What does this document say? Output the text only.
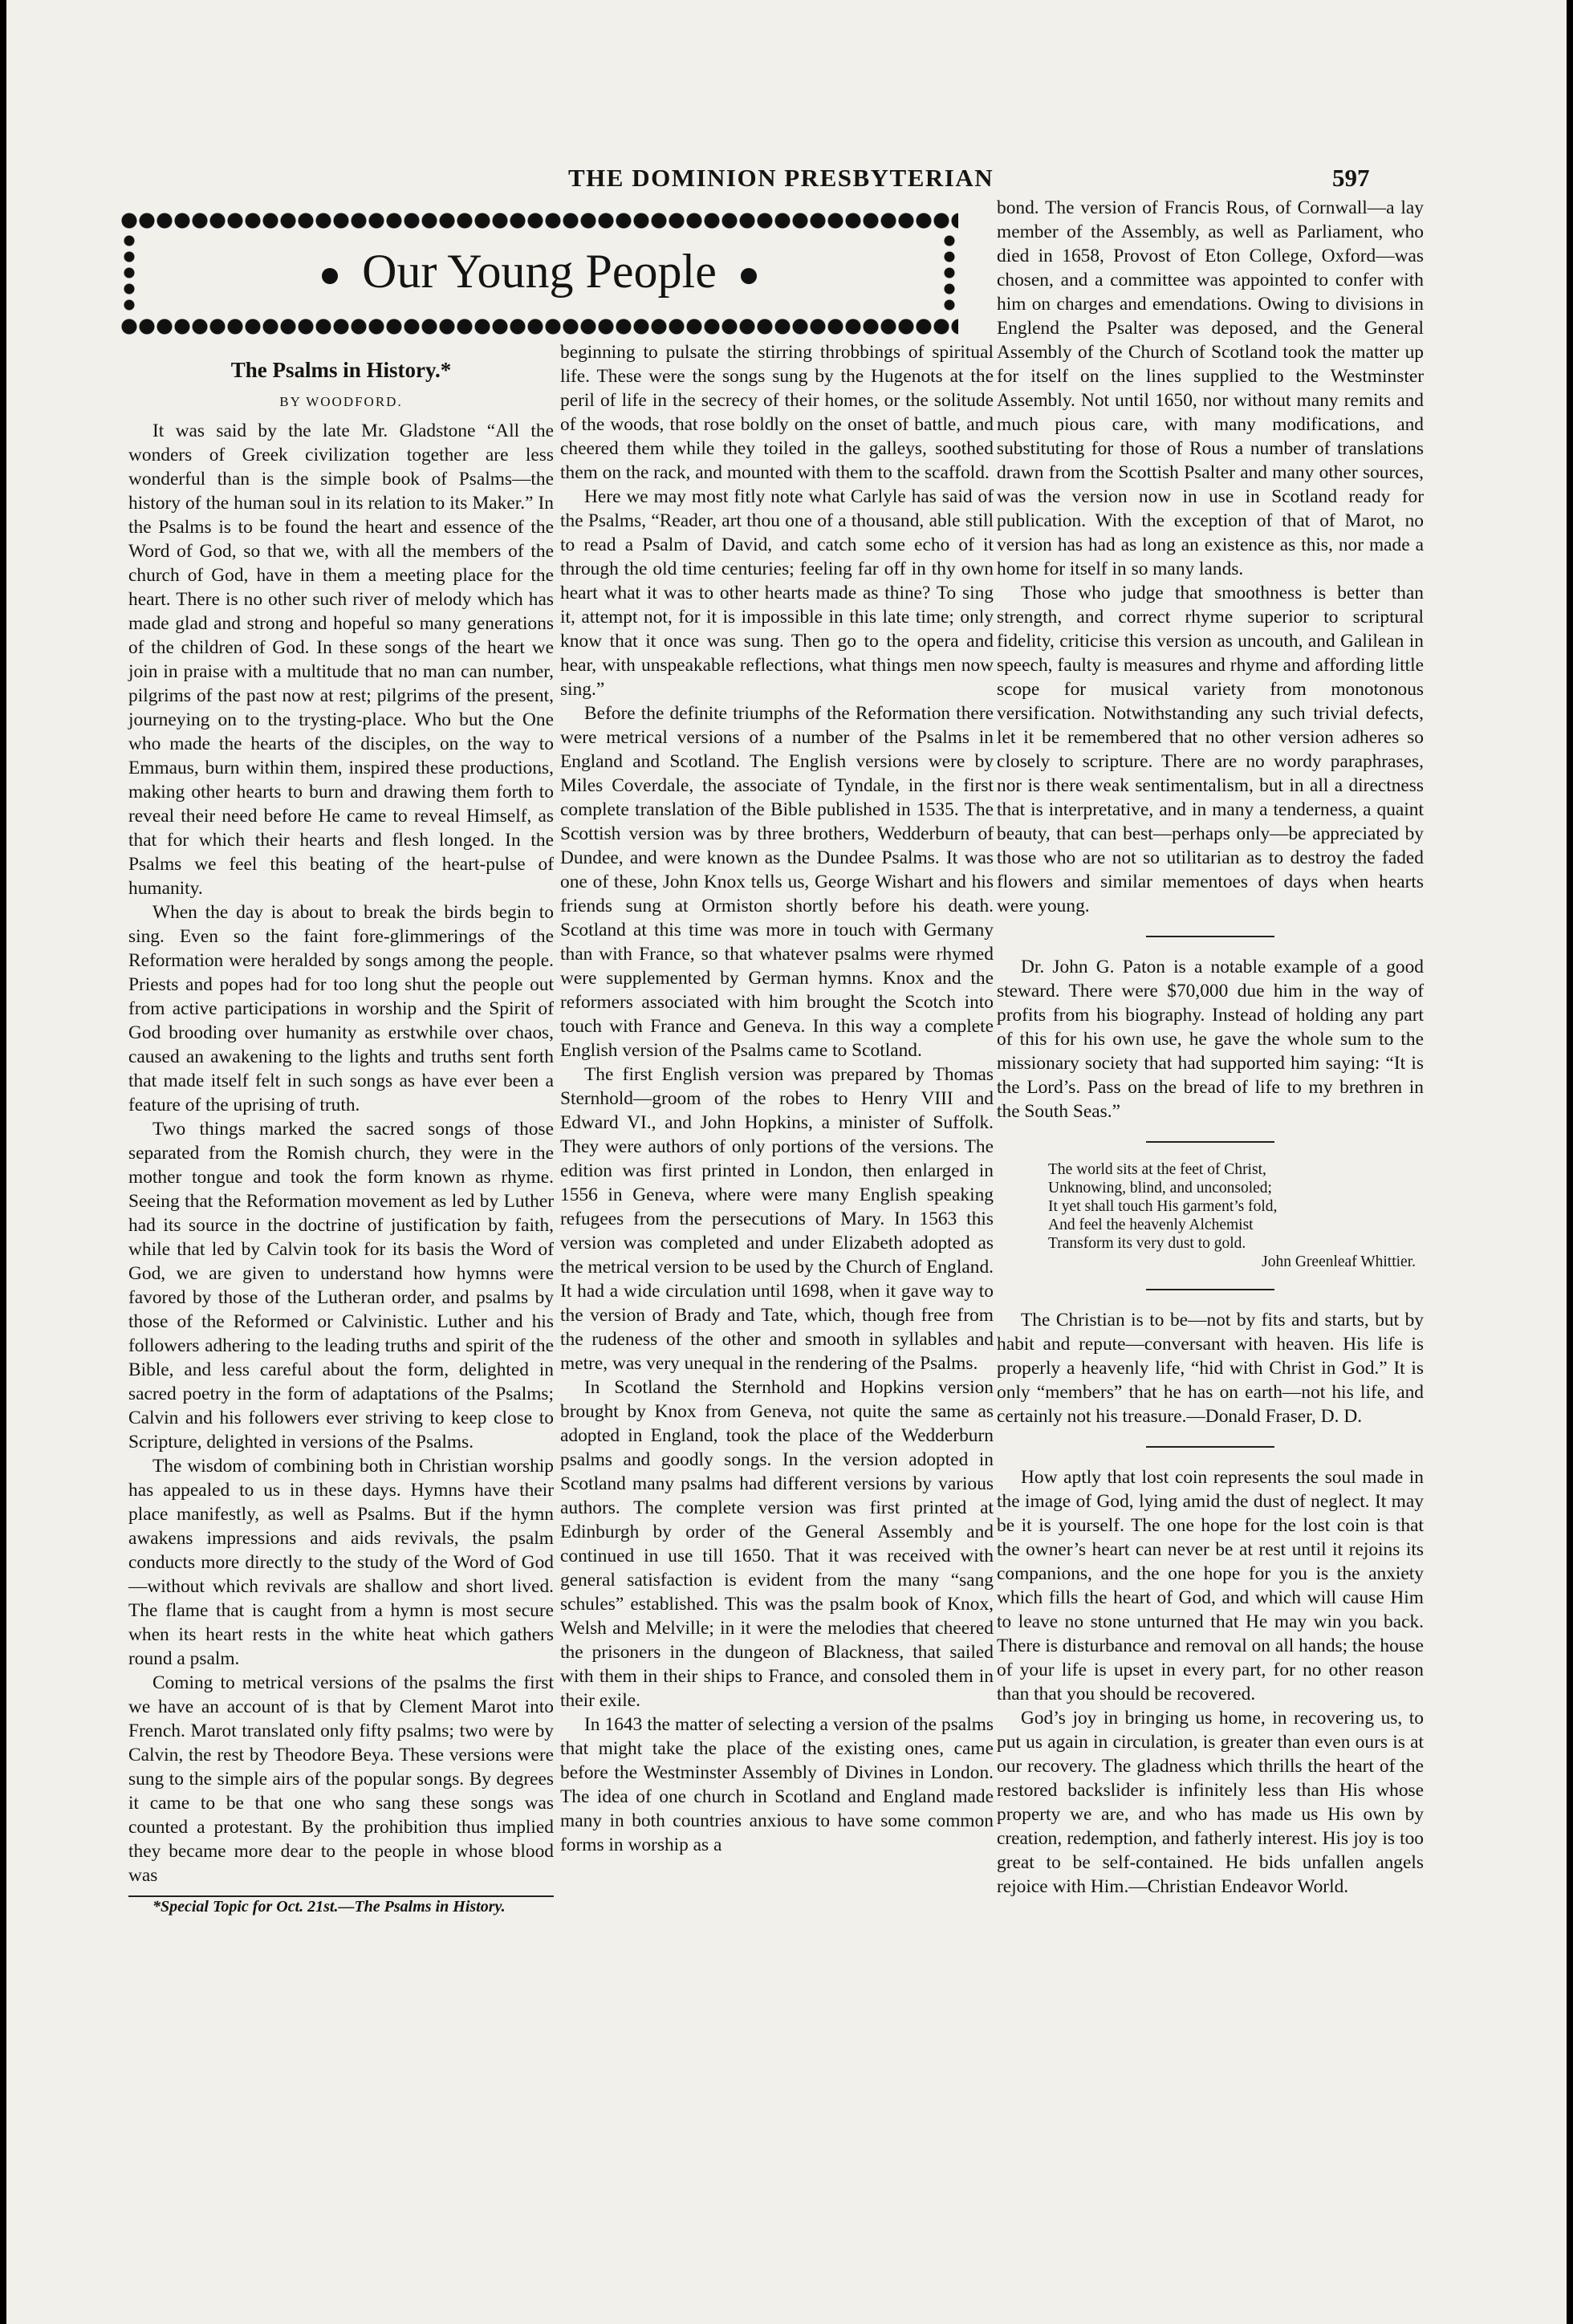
THE DOMINION PRESBYTERIAN	597
Our Young People
The Psalms in History.*
BY WOODFORD.

It was said by the late Mr. Gladstone “All the wonders of Greek civilization together are less wonderful than is the simple book of Psalms—the history of the human soul in its relation to its Maker.” In the Psalms is to be found the heart and essence of the Word of God, so that we, with all the members of the church of God, have in them a meeting place for the heart. There is no other such river of melody which has made glad and strong and hopeful so many generations of the children of God. In these songs of the heart we join in praise with a multitude that no man can number, pilgrims of the past now at rest; pilgrims of the present, journeying on to the trysting-place. Who but the One who made the hearts of the disciples, on the way to Emmaus, burn within them, inspired these productions, making other hearts to burn and drawing them forth to reveal their need before He came to reveal Himself, as that for which their hearts and flesh longed. In the Psalms we feel this beating of the heart-pulse of humanity.

When the day is about to break the birds begin to sing. Even so the faint fore-glimmerings of the Reformation were heralded by songs among the people. Priests and popes had for too long shut the people out from active participations in worship and the Spirit of God brooding over humanity as erstwhile over chaos, caused an awakening to the lights and truths sent forth that made itself felt in such songs as have ever been a feature of the uprising of truth.

Two things marked the sacred songs of those separated from the Romish church, they were in the mother tongue and took the form known as rhyme. Seeing that the Reformation movement as led by Luther had its source in the doctrine of justification by faith, while that led by Calvin took for its basis the Word of God, we are given to understand how hymns were favored by those of the Lutheran order, and psalms by those of the Reformed or Calvinistic. Luther and his followers adhering to the leading truths and spirit of the Bible, and less careful about the form, delighted in sacred poetry in the form of adaptations of the Psalms; Calvin and his followers ever striving to keep close to Scripture, delighted in versions of the Psalms.

The wisdom of combining both in Christian worship has appealed to us in these days. Hymns have their place manifestly, as well as Psalms. But if the hymn awakens impressions and aids revivals, the psalm conducts more directly to the study of the Word of God—without which revivals are shallow and short lived. The flame that is caught from a hymn is most secure when its heart rests in the white heat which gathers round a psalm.

Coming to metrical versions of the psalms the first we have an account of is that by Clement Marot into French. Marot translated only fifty psalms; two were by Calvin, the rest by Theodore Beya. These versions were sung to the simple airs of the popular songs. By degrees it came to be that one who sang these songs was counted a protestant. By the prohibition thus implied they became more dear to the people in whose blood was

*Special Topic for Oct. 21st.—The Psalms in History.

beginning to pulsate the stirring throbbings of spiritual life. These were the songs sung by the Hugenots at the peril of life in the secrecy of their homes, or the solitude of the woods, that rose boldly on the onset of battle, and cheered them while they toiled in the galleys, soothed them on the rack, and mounted with them to the scaffold.

Here we may most fitly note what Carlyle has said of the Psalms, “Reader, art thou one of a thousand, able still to read a Psalm of David, and catch some echo of it through the old time centuries; feeling far off in thy own heart what it was to other hearts made as thine? To sing it, attempt not, for it is impossible in this late time; only know that it once was sung. Then go to the opera and hear, with unspeakable reflections, what things men now sing.”

Before the definite triumphs of the Reformation there were metrical versions of a number of the Psalms in England and Scotland. The English versions were by Miles Coverdale, the associate of Tyndale, in the first complete translation of the Bible published in 1535. The Scottish version was by three brothers, Wedderburn of Dundee, and were known as the Dundee Psalms. It was one of these, John Knox tells us, George Wishart and his friends sung at Ormiston shortly before his death. Scotland at this time was more in touch with Germany than with France, so that whatever psalms were rhymed were supplemented by German hymns. Knox and the reformers associated with him brought the Scotch into touch with France and Geneva. In this way a complete English version of the Psalms came to Scotland.

The first English version was prepared by Thomas Sternhold—groom of the robes to Henry VIII and Edward VI., and John Hopkins, a minister of Suffolk. They were authors of only portions of the versions. The edition was first printed in London, then enlarged in 1556 in Geneva, where were many English speaking refugees from the persecutions of Mary. In 1563 this version was completed and under Elizabeth adopted as the metrical version to be used by the Church of England. It had a wide circulation until 1698, when it gave way to the version of Brady and Tate, which, though free from the rudeness of the other and smooth in syllables and metre, was very unequal in the rendering of the Psalms.

In Scotland the Sternhold and Hopkins version brought by Knox from Geneva, not quite the same as adopted in England, took the place of the Wedderburn psalms and goodly songs. In the version adopted in Scotland many psalms had different versions by various authors. The complete version was first printed at Edinburgh by order of the General Assembly and continued in use till 1650. That it was received with general satisfaction is evident from the many “sang schules” established. This was the psalm book of Knox, Welsh and Melville; in it were the melodies that cheered the prisoners in the dungeon of Blackness, that sailed with them in their ships to France, and consoled them in their exile.

In 1643 the matter of selecting a version of the psalms that might take the place of the existing ones, came before the Westminster Assembly of Divines in London. The idea of one church in Scotland and England made many in both countries anxious to have some common forms in worship as a

bond. The version of Francis Rous, of Cornwall—a lay member of the Assembly, as well as Parliament, who died in 1658, Provost of Eton College, Oxford—was chosen, and a committee was appointed to confer with him on charges and emendations. Owing to divisions in Englend the Psalter was deposed, and the General Assembly of the Church of Scotland took the matter up for itself on the lines supplied to the Westminster Assembly. Not until 1650, nor without many remits and much pious care, with many modifications, and substituting for those of Rous a number of translations drawn from the Scottish Psalter and many other sources, was the version now in use in Scotland ready for publication. With the exception of that of Marot, no version has had as long an existence as this, nor made a home for itself in so many lands.

Those who judge that smoothness is better than strength, and correct rhyme superior to scriptural fidelity, criticise this version as uncouth, and Galilean in speech, faulty is measures and rhyme and affording little scope for musical variety from monotonous versification. Notwithstanding any such trivial defects, let it be remembered that no other version adheres so closely to scripture. There are no wordy paraphrases, nor is there weak sentimentalism, but in all a directness that is interpretative, and in many a tenderness, a quaint beauty, that can best—perhaps only—be appreciated by those who are not so utilitarian as to destroy the faded flowers and similar mementoes of days when hearts were young.

Dr. John G. Paton is a notable example of a good steward. There were $70,000 due him in the way of profits from his biography. Instead of holding any part of this for his own use, he gave the whole sum to the missionary society that had supported him saying: “It is the Lord’s. Pass on the bread of life to my brethren in the South Seas.”

The world sits at the feet of Christ,
Unknowing, blind, and unconsoled;
It yet shall touch His garment’s fold,
And feel the heavenly Alchemist
Transform its very dust to gold.
John Greenleaf Whittier.

The Christian is to be—not by fits and starts, but by habit and repute—conversant with heaven. His life is properly a heavenly life, “hid with Christ in God.” It is only “members” that he has on earth—not his life, and certainly not his treasure.—Donald Fraser, D. D.

How aptly that lost coin represents the soul made in the image of God, lying amid the dust of neglect. It may be it is yourself. The one hope for the lost coin is that the owner’s heart can never be at rest until it rejoins its companions, and the one hope for you is the anxiety which fills the heart of God, and which will cause Him to leave no stone unturned that He may win you back. There is disturbance and removal on all hands; the house of your life is upset in every part, for no other reason than that you should be recovered.

God’s joy in bringing us home, in recovering us, to put us again in circulation, is greater than even ours is at our recovery. The gladness which thrills the heart of the restored backslider is infinitely less than His whose property we are, and who has made us His own by creation, redemption, and fatherly interest. His joy is too great to be self-contained. He bids unfallen angels rejoice with Him.—Christian Endeavor World.
